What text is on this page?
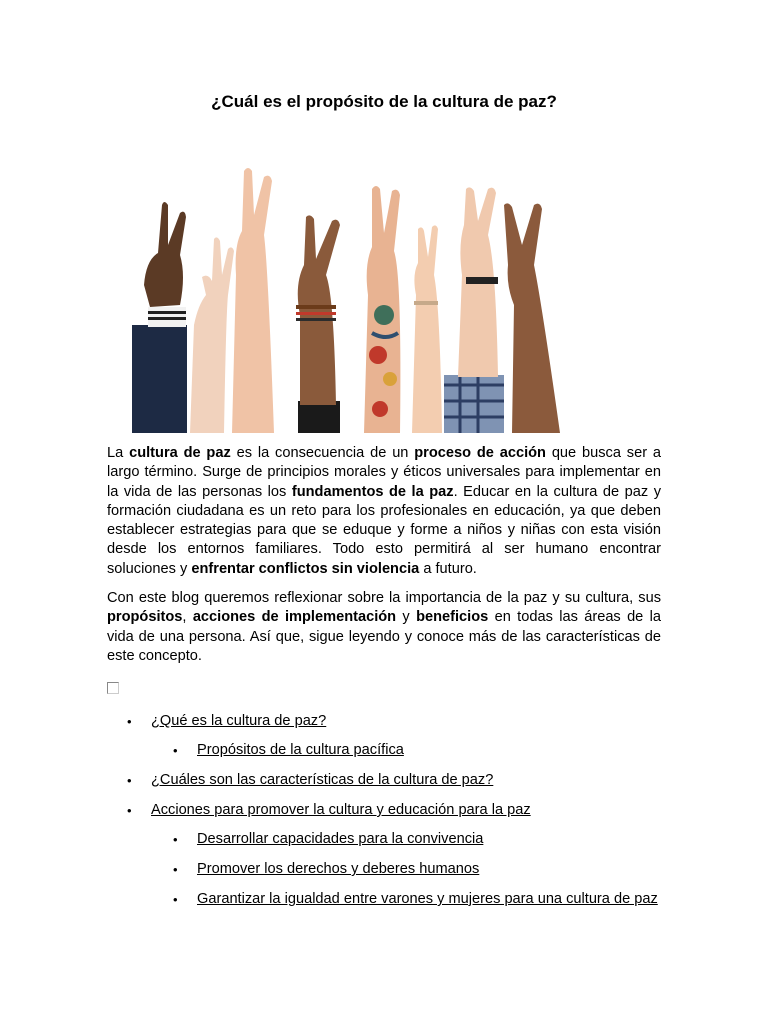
¿Cuál es el propósito de la cultura de paz?
La cultura de paz es la consecuencia de un proceso de acción que busca ser a largo término. Surge de principios morales y éticos universales para implementar en la vida de las personas los fundamentos de la paz. Educar en la cultura de paz y formación ciudadana es un reto para los profesionales en educación, ya que deben establecer estrategias para que se eduque y forme a niños y niñas con esta visión desde los entornos familiares. Todo esto permitirá al ser humano encontrar soluciones y enfrentar conflictos sin violencia a futuro.
Con este blog queremos reflexionar sobre la importancia de la paz y su cultura, sus propósitos, acciones de implementación y beneficios en todas las áreas de la vida de una persona. Así que, sigue leyendo y conoce más de las características de este concepto.
• ¿Qué es la cultura de paz?
• Propósitos de la cultura pacífica
• ¿Cuáles son las características de la cultura de paz?
• Acciones para promover la cultura y educación para la paz
• Desarrollar capacidades para la convivencia
• Promover los derechos y deberes humanos
• Garantizar la igualdad entre varones y mujeres para una cultura de paz
